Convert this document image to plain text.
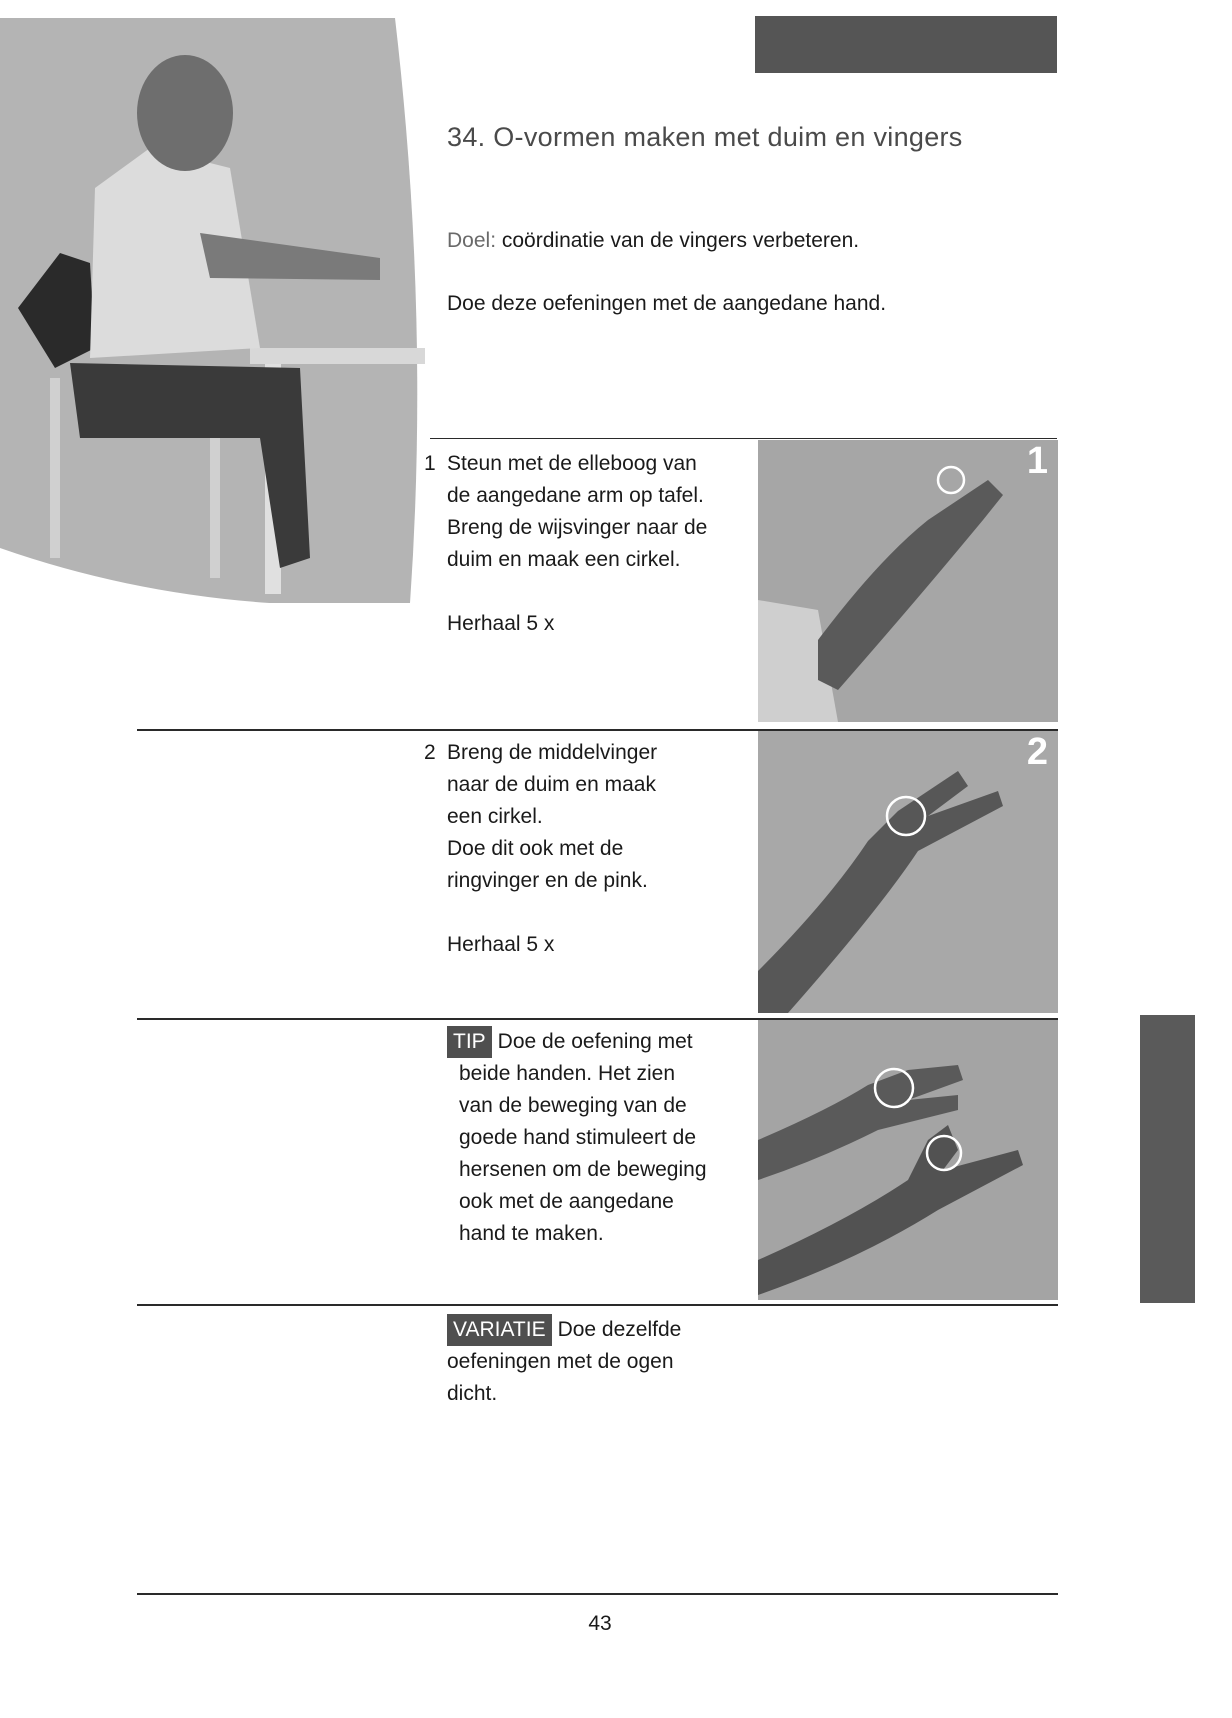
34. O-vormen maken met duim en vingers
Doel: coördinatie van de vingers verbeteren.
Doe deze oefeningen met de aangedane hand.
1 Steun met de elleboog van
de aangedane arm op tafel.
Breng de wijsvinger naar de
duim en maak een cirkel.
Herhaal 5 x
1
2 Breng de middelvinger
naar de duim en maak
een cirkel.
Doe dit ook met de
ringvinger en de pink.
Herhaal 5 x
2
TIP Doe de oefening met
beide handen. Het zien
van de beweging van de
goede hand stimuleert de
hersenen om de beweging
ook met de aangedane
hand te maken.
VARIATIE Doe dezelfde
oefeningen met de ogen
dicht.
43
